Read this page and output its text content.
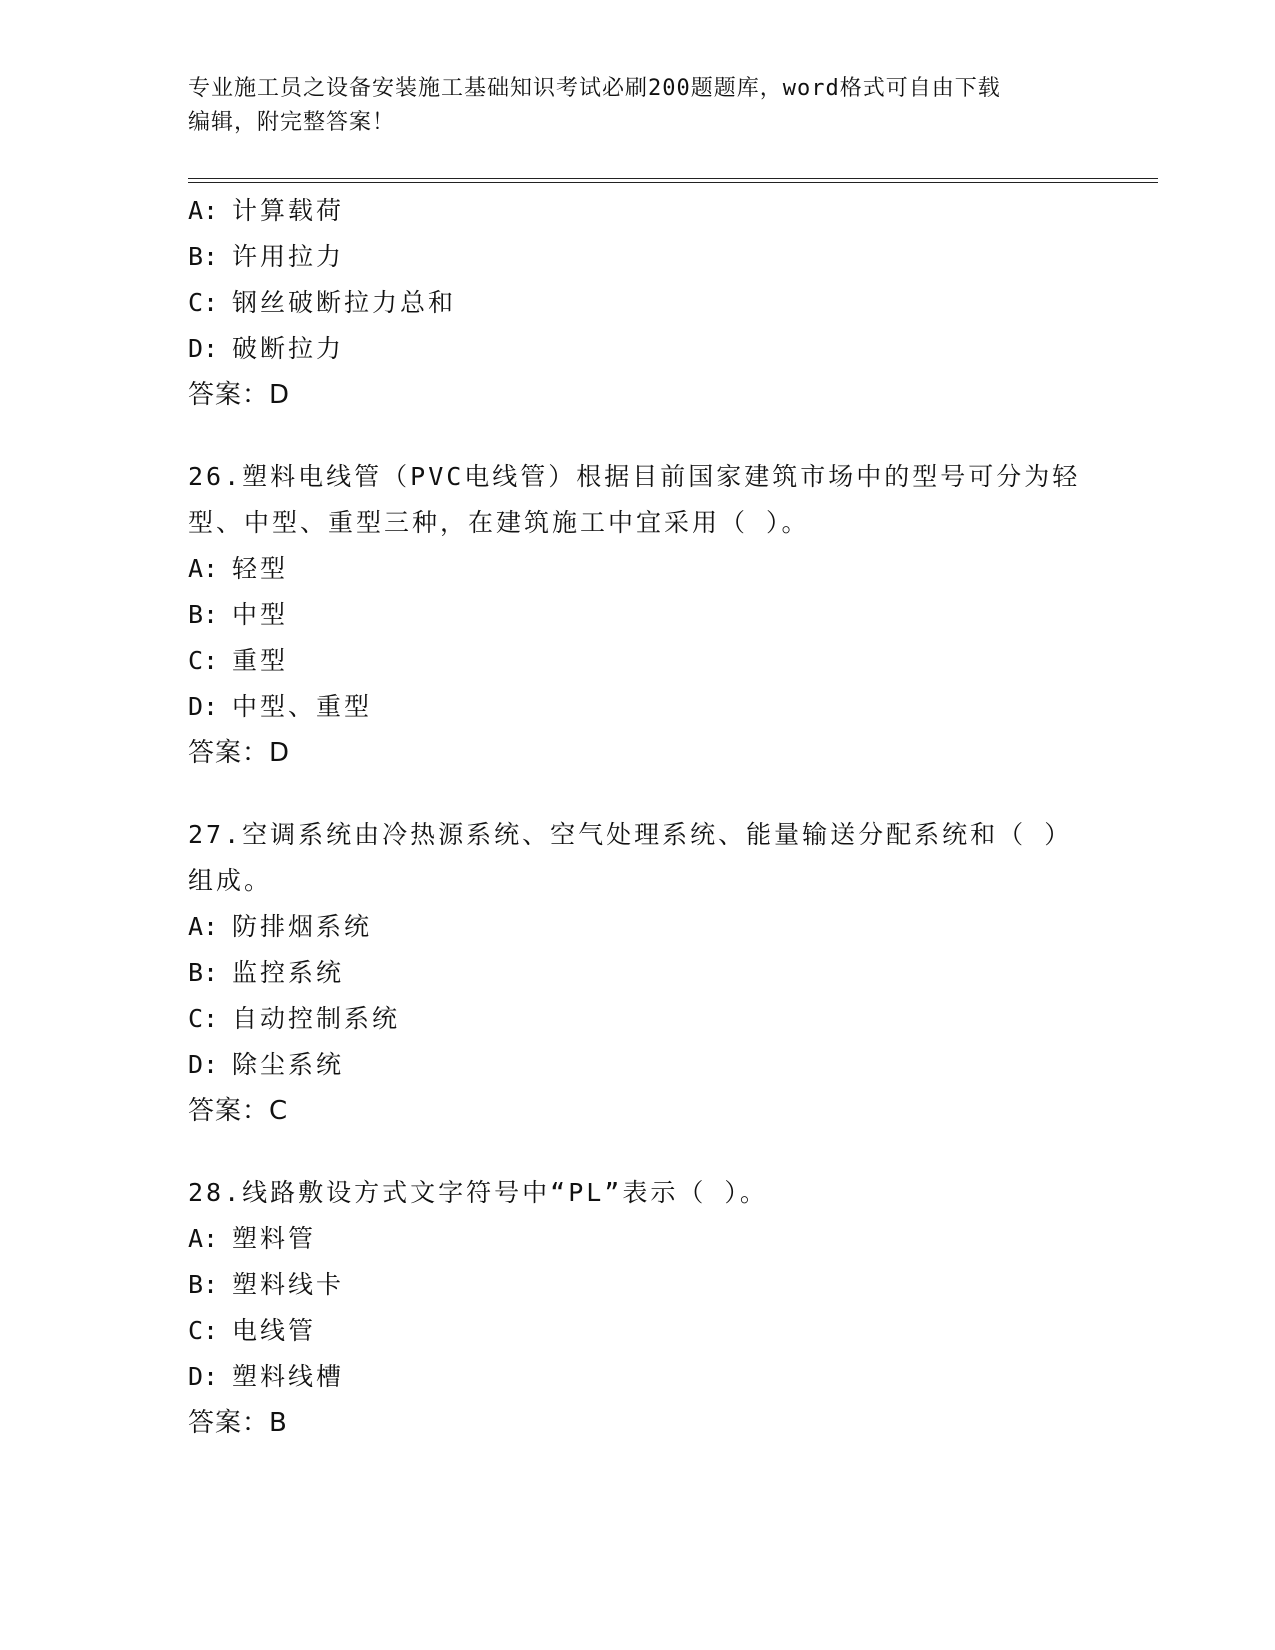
专业施工员之设备安装施工基础知识考试必刷200题题库，word格式可自由下载
编辑，附完整答案！
A: 计算载荷
B: 许用拉力
C: 钢丝破断拉力总和
D: 破断拉力
答案：D
26.塑料电线管（PVC电线管）根据目前国家建筑市场中的型号可分为轻型、中型、重型三种，在建筑施工中宜采用（ ）。
A: 轻型
B: 中型
C: 重型
D: 中型、重型
答案：D
27.空调系统由冷热源系统、空气处理系统、能量输送分配系统和（ ）组成。
A: 防排烟系统
B: 监控系统
C: 自动控制系统
D: 除尘系统
答案：C
28.线路敷设方式文字符号中“PL”表示（ ）。
A: 塑料管
B: 塑料线卡
C: 电线管
D: 塑料线槽
答案：B
